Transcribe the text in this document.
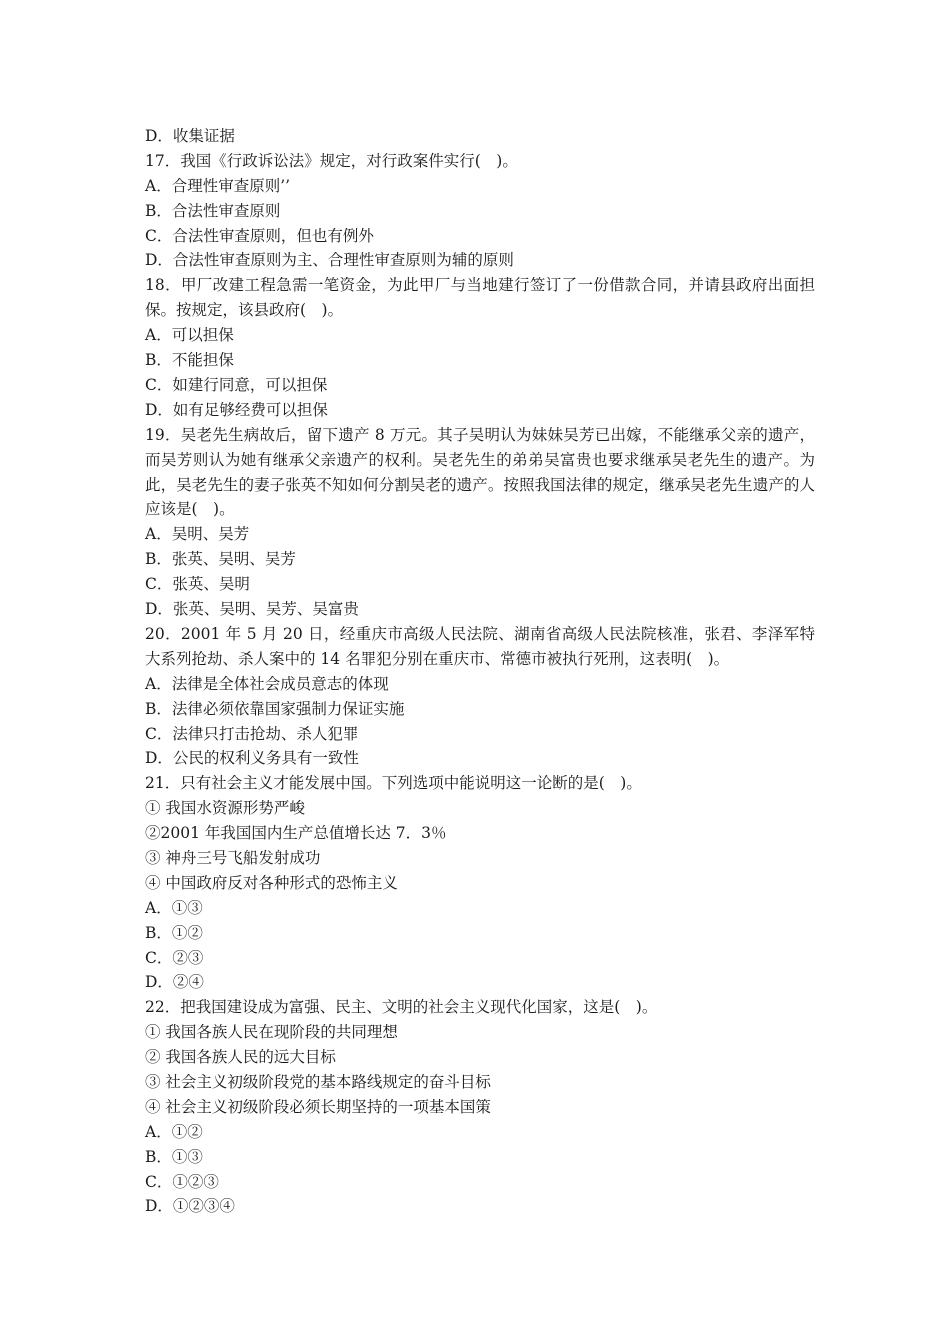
D．收集证据
17．我国《行政诉讼法》规定，对行政案件实行(　)。
A．合理性审查原则’’
B．合法性审查原则
C．合法性审查原则，但也有例外
D．合法性审查原则为主、合理性审查原则为辅的原则
18．甲厂改建工程急需一笔资金，为此甲厂与当地建行签订了一份借款合同，并请县政府出面担保。按规定，该县政府(　)。
A．可以担保
B．不能担保
C．如建行同意，可以担保
D．如有足够经费可以担保
19．吴老先生病故后，留下遗产 8 万元。其子吴明认为妹妹吴芳已出嫁，不能继承父亲的遗产，而吴芳则认为她有继承父亲遗产的权利。吴老先生的弟弟吴富贵也要求继承吴老先生的遗产。为此，吴老先生的妻子张英不知如何分割吴老的遗产。按照我国法律的规定，继承吴老先生遗产的人应该是(　)。
A．吴明、吴芳
B．张英、吴明、吴芳
C．张英、吴明
D．张英、吴明、吴芳、吴富贵
20．2001 年 5 月 20 日，经重庆市高级人民法院、湖南省高级人民法院核准，张君、李泽军特大系列抢劫、杀人案中的 14 名罪犯分别在重庆市、常德市被执行死刑，这表明(　)。
A．法律是全体社会成员意志的体现
B．法律必须依靠国家强制力保证实施
C．法律只打击抢劫、杀人犯罪
D．公民的权利义务具有一致性
21．只有社会主义才能发展中国。下列选项中能说明这一论断的是(　)。
① 我国水资源形势严峻
②2001 年我国国内生产总值增长达 7．3％
③ 神舟三号飞船发射成功
④ 中国政府反对各种形式的恐怖主义
A．①③
B．①②
C．②③
D．②④
22．把我国建设成为富强、民主、文明的社会主义现代化国家，这是(　)。
① 我国各族人民在现阶段的共同理想
② 我国各族人民的远大目标
③ 社会主义初级阶段党的基本路线规定的奋斗目标
④ 社会主义初级阶段必须长期坚持的一项基本国策
A．①②
B．①③
C．①②③
D．①②③④
